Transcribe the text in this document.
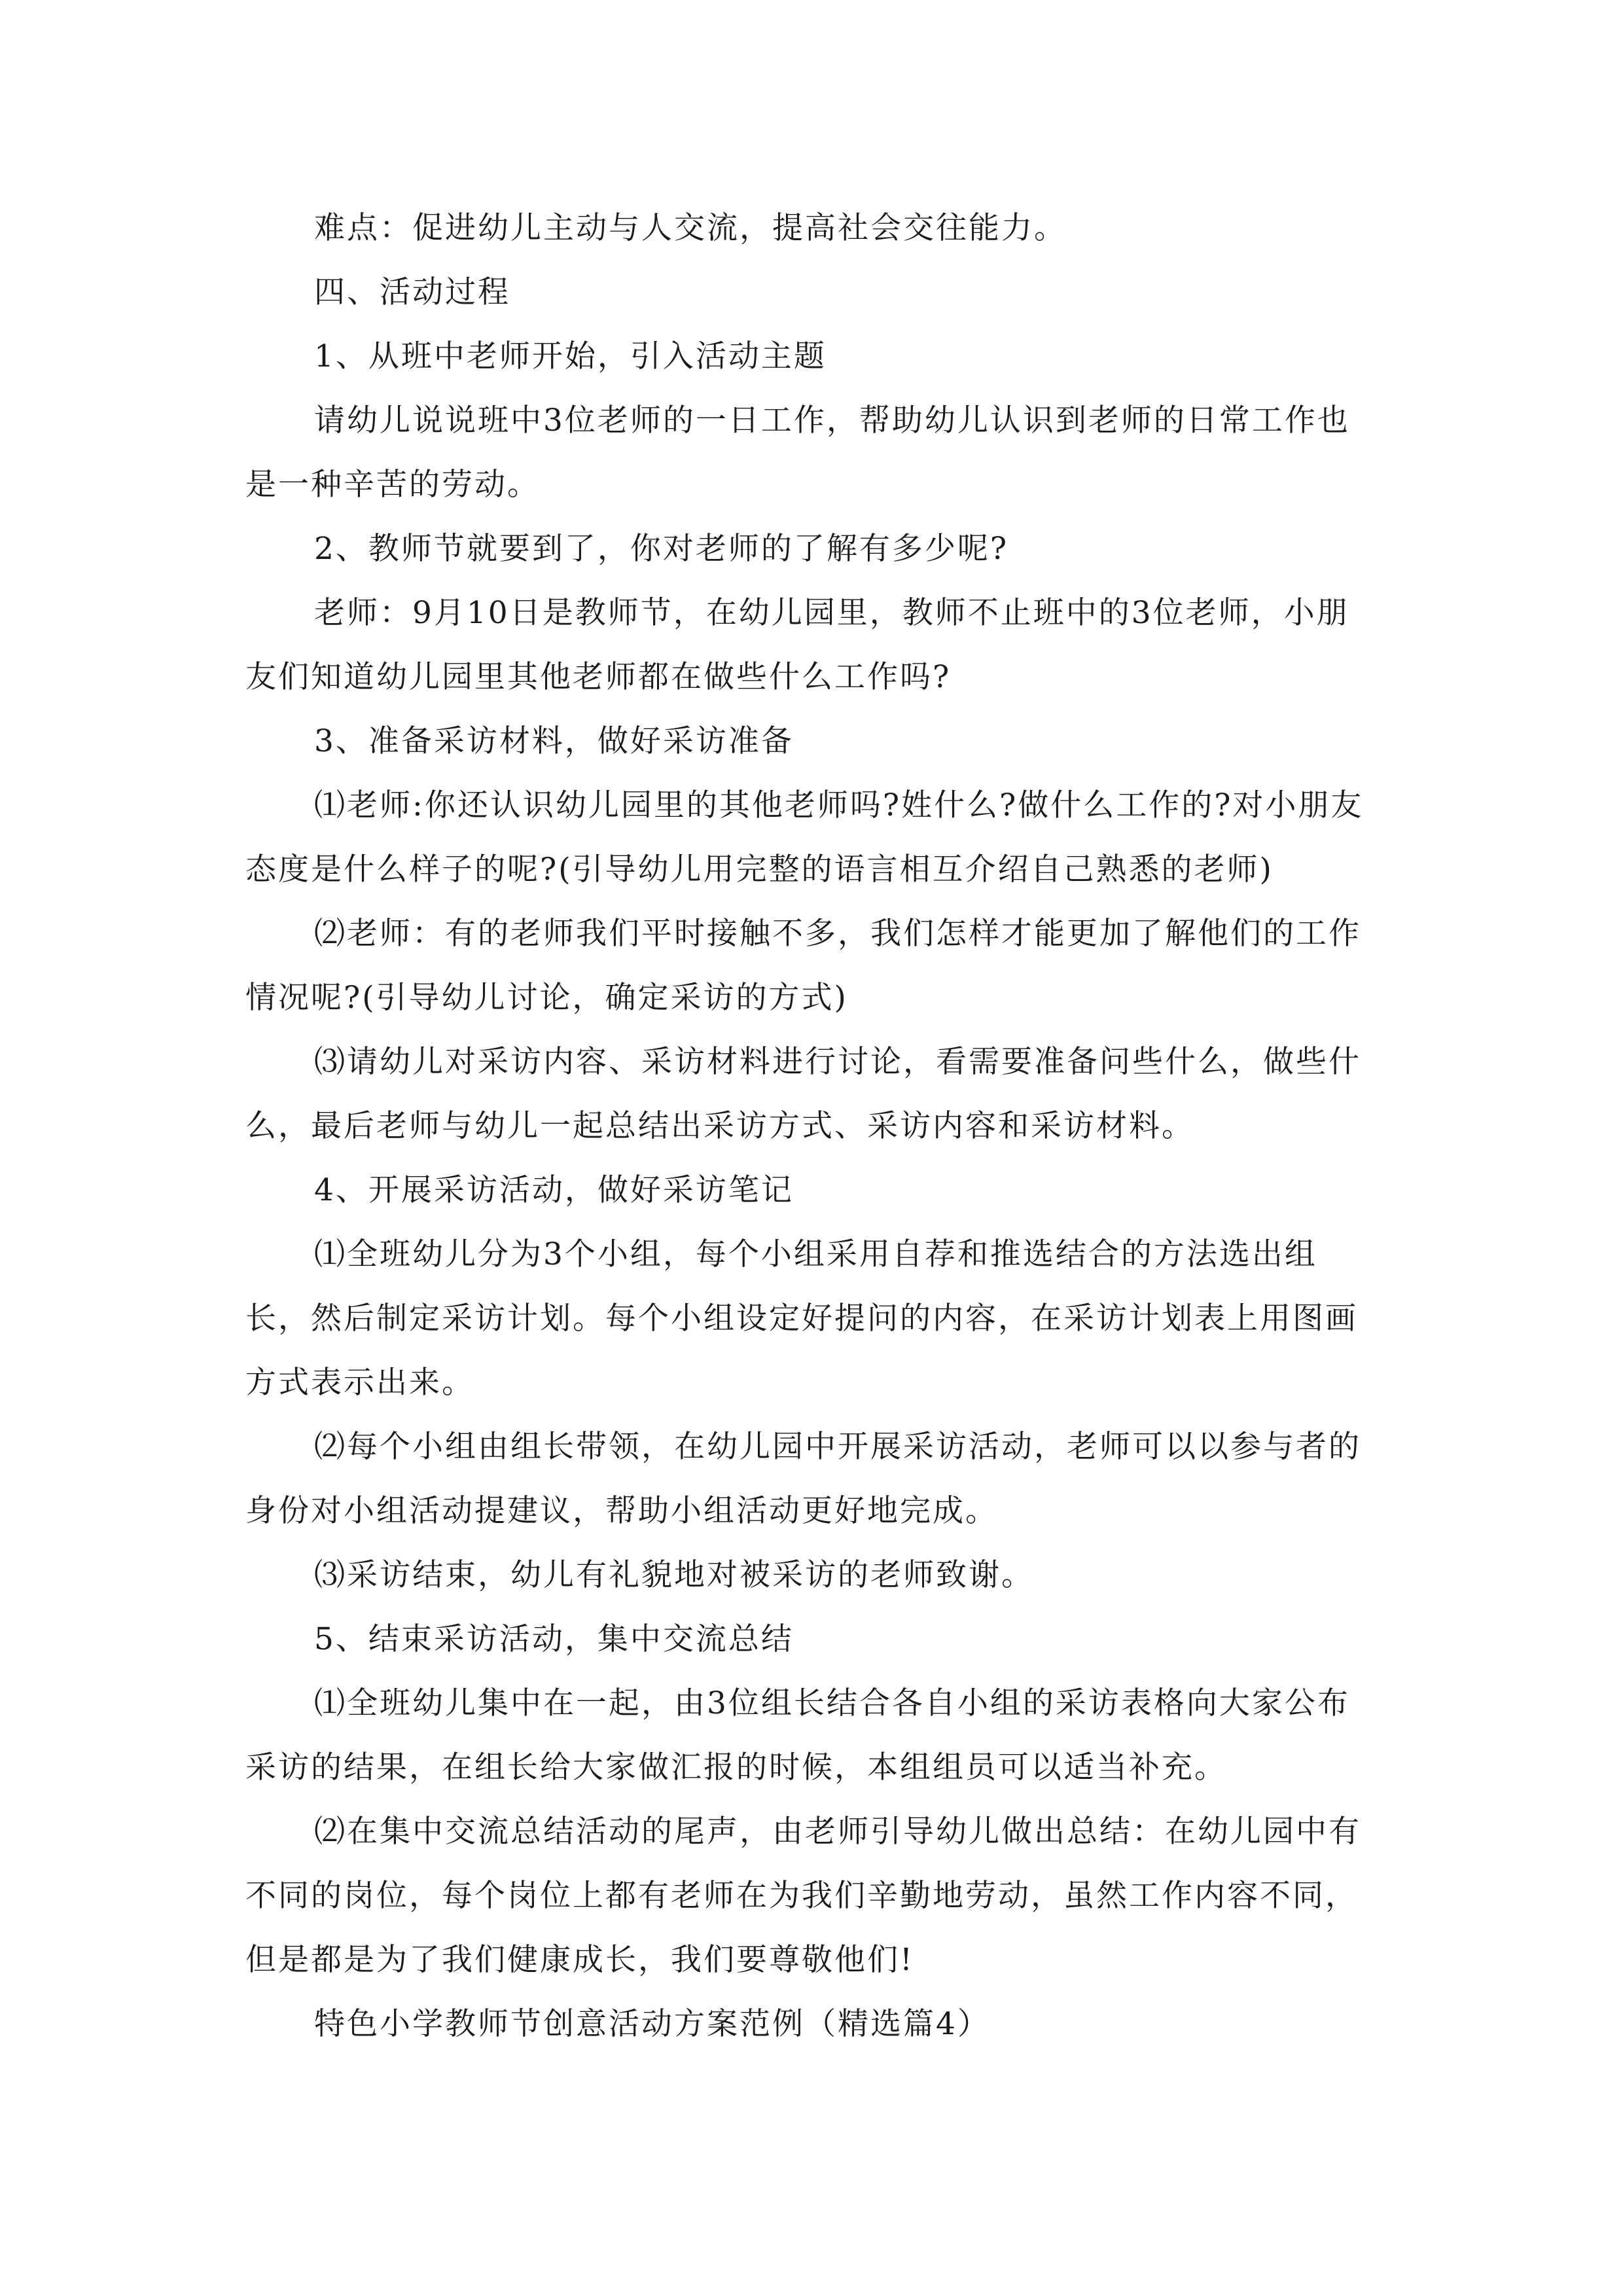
难点：促进幼儿主动与人交流，提高社会交往能力。

四、活动过程

1、从班中老师开始，引入活动主题

请幼儿说说班中3位老师的一日工作，帮助幼儿认识到老师的日常工作也是一种辛苦的劳动。

2、教师节就要到了，你对老师的了解有多少呢?

老师：9月10日是教师节，在幼儿园里，教师不止班中的3位老师，小朋友们知道幼儿园里其他老师都在做些什么工作吗?

3、准备采访材料，做好采访准备

⑴老师:你还认识幼儿园里的其他老师吗?姓什么?做什么工作的?对小朋友态度是什么样子的呢?(引导幼儿用完整的语言相互介绍自己熟悉的老师)

⑵老师：有的老师我们平时接触不多，我们怎样才能更加了解他们的工作情况呢?(引导幼儿讨论，确定采访的方式)

⑶请幼儿对采访内容、采访材料进行讨论，看需要准备问些什么，做些什么，最后老师与幼儿一起总结出采访方式、采访内容和采访材料。

4、开展采访活动，做好采访笔记

⑴全班幼儿分为3个小组，每个小组采用自荐和推选结合的方法选出组长，然后制定采访计划。每个小组设定好提问的内容，在采访计划表上用图画方式表示出来。

⑵每个小组由组长带领，在幼儿园中开展采访活动，老师可以以参与者的身份对小组活动提建议，帮助小组活动更好地完成。

⑶采访结束，幼儿有礼貌地对被采访的老师致谢。

5、结束采访活动，集中交流总结

⑴全班幼儿集中在一起，由3位组长结合各自小组的采访表格向大家公布采访的结果，在组长给大家做汇报的时候，本组组员可以适当补充。

⑵在集中交流总结活动的尾声，由老师引导幼儿做出总结：在幼儿园中有不同的岗位，每个岗位上都有老师在为我们辛勤地劳动，虽然工作内容不同，但是都是为了我们健康成长，我们要尊敬他们!

特色小学教师节创意活动方案范例（精选篇4）
